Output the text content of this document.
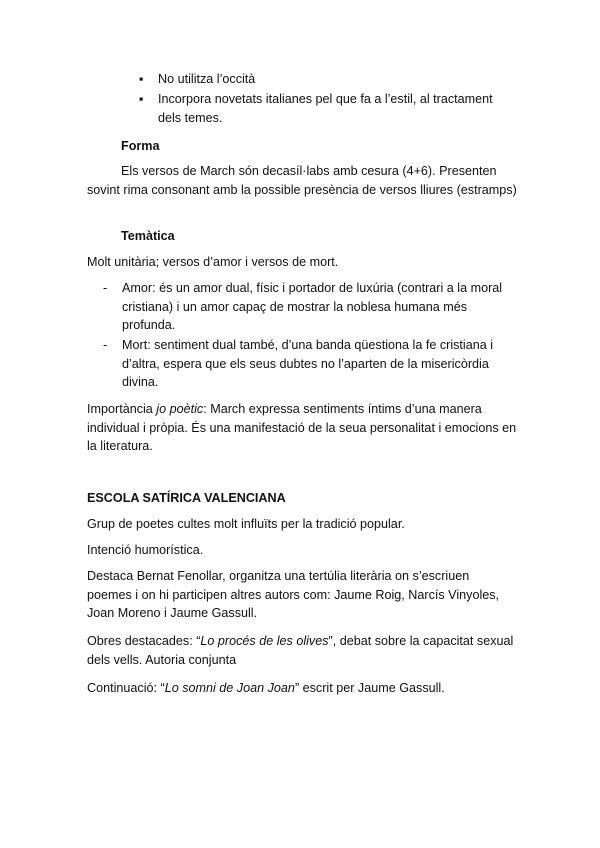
▪ No utilitza l’occità

▪ Incorpora novetats italianes pel que fa a l’estil, al tractament dels temes.

Forma

Els versos de March són decasíl·labs amb cesura (4+6). Presenten sovint rima consonant amb la possible presència de versos lliures (estramps)

Temàtica

Molt unitària; versos d’amor i versos de mort.

- Amor: és un amor dual, físic i portador de luxúria (contrari a la moral cristiana) i un amor capaç de mostrar la noblesa humana més profunda.

- Mort: sentiment dual també, d’una banda qüestiona la fe cristiana i d’altra, espera que els seus dubtes no l’aparten de la misericòrdia divina.

Importància jo poètic: March expressa sentiments íntims d’una manera individual i pròpia. És una manifestació de la seua personalitat i emocions en la literatura.

ESCOLA SATÍRICA VALENCIANA

Grup de poetes cultes molt influïts per la tradició popular.

Intenció humorística.

Destaca Bernat Fenollar, organitza una tertúlia literària on s’escriuen poemes i on hi participen altres autors com: Jaume Roig, Narcís Vinyoles, Joan Moreno i Jaume Gassull.

Obres destacades: “Lo procés de les olives”, debat sobre la capacitat sexual dels vells. Autoria conjunta

Continuació: “Lo somni de Joan Joan” escrit per Jaume Gassull.
